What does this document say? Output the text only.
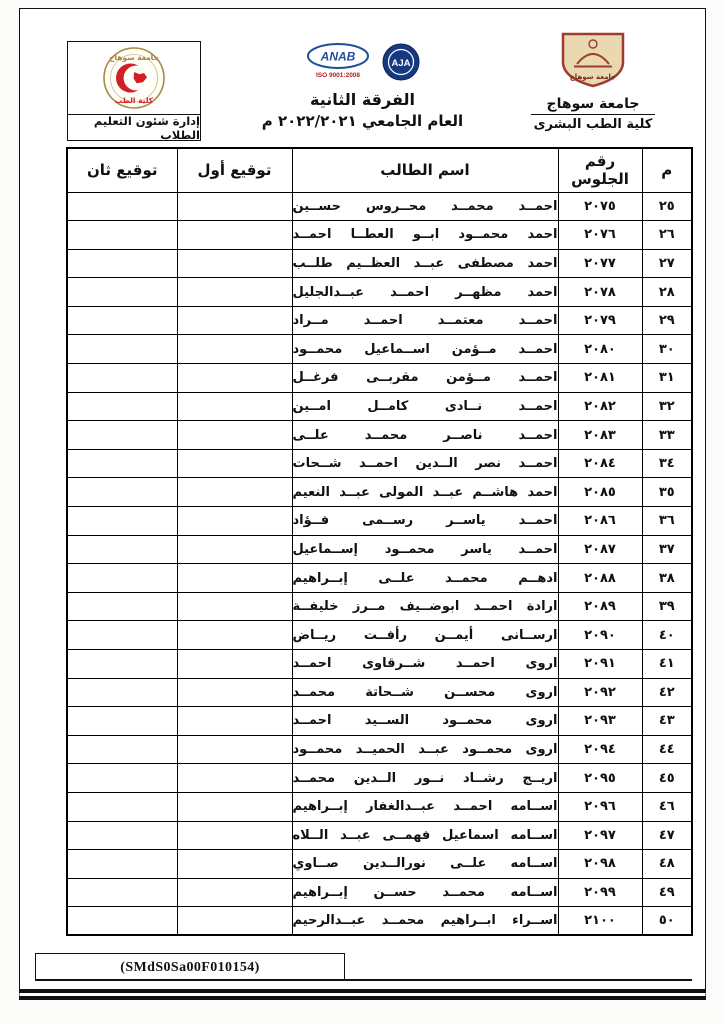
جامعة سوهاج
كلية الطب
إدارة شئون التعليم الطلاب
ANAB
ISO 9001:2008
AJA
الفرقة الثانية
العام الجامعي ٢٠٢٢/٢٠٢١ م
جامعة سوهاج
جامعة سوهاج
كلية الطب البشرى
م	رقم
الجلوس	اسم الطالب	توقيع أول	توقيع ثان
٢٥	٢٠٧٥	احمــد محمــد محــروس حســين		
٢٦	٢٠٧٦	احمد محمــود ابــو العطــا احمــد		
٢٧	٢٠٧٧	احمد مصطفى عبــد العظــيم طلــب		
٢٨	٢٠٧٨	احمد مظهــر احمــد عبــدالجليل		
٢٩	٢٠٧٩	احمــد معتمــد احمــد مــراد		
٣٠	٢٠٨٠	احمــد مــؤمن اســماعيل محمــود		
٣١	٢٠٨١	احمــد مــؤمن مقربــى فرغــل		
٣٢	٢٠٨٢	احمــد نــادى كامــل امــين		
٣٣	٢٠٨٣	احمــد ناصــر محمــد علــى		
٣٤	٢٠٨٤	احمــد نصر الــدين احمــد شــحات		
٣٥	٢٠٨٥	احمد هاشــم عبــد المولى عبــد النعيم		
٣٦	٢٠٨٦	احمــد ياســر رســمى فــؤاد		
٣٧	٢٠٨٧	احمــد ياسر محمــود إســماعيل		
٣٨	٢٠٨٨	ادهــم محمــد علــى إبــراهيم		
٣٩	٢٠٨٩	ارادة احمــد ابوضــيف مــرز خليفــة		
٤٠	٢٠٩٠	ارســانى أيمــن رأفــت ريــاض		
٤١	٢٠٩١	اروى احمــد شــرقاوى احمــد		
٤٢	٢٠٩٢	اروى محســن شــحاتة محمــد		
٤٣	٢٠٩٣	اروى محمــود الســيد احمــد		
٤٤	٢٠٩٤	اروى محمــود عبــد الحميــد محمــود		
٤٥	٢٠٩٥	اريــج رشــاد نــور الــدين محمــد		
٤٦	٢٠٩٦	اســامه احمــد عبــدالغفار إبــراهيم		
٤٧	٢٠٩٧	اســامه اسماعيل فهمــى عبــد الــلاه		
٤٨	٢٠٩٨	اســامه علــى نورالــدين صــاوي		
٤٩	٢٠٩٩	اســامه محمــد حســن إبــراهيم		
٥٠	٢١٠٠	اســراء ابــراهيم محمــد عبــدالرحيم		
(SMdS0Sa00F010154)
